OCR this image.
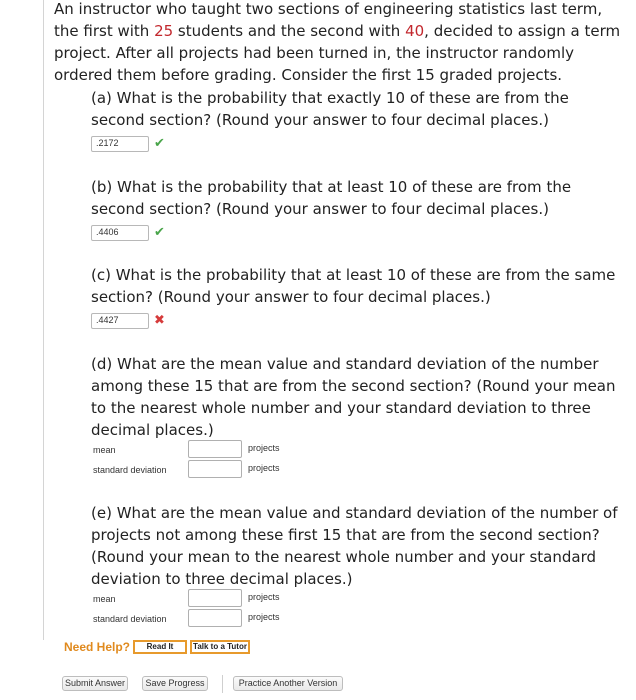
An instructor who taught two sections of engineering statistics last term, the first with 25 students and the second with 40, decided to assign a term project. After all projects had been turned in, the instructor randomly ordered them before grading. Consider the first 15 graded projects.
(a) What is the probability that exactly 10 of these are from the second section? (Round your answer to four decimal places.)
.2172	✔
(b) What is the probability that at least 10 of these are from the second section? (Round your answer to four decimal places.)
.4406	✔
(c) What is the probability that at least 10 of these are from the same section? (Round your answer to four decimal places.)
.4427	✖
(d) What are the mean value and standard deviation of the number among these 15 that are from the second section? (Round your mean to the nearest whole number and your standard deviation to three decimal places.)
mean	projects
standard deviation	projects
(e) What are the mean value and standard deviation of the number of projects not among these first 15 that are from the second section? (Round your mean to the nearest whole number and your standard deviation to three decimal places.)
mean	projects
standard deviation	projects
Need Help?	Read It	Talk to a Tutor
Submit Answer	Save Progress	Practice Another Version
